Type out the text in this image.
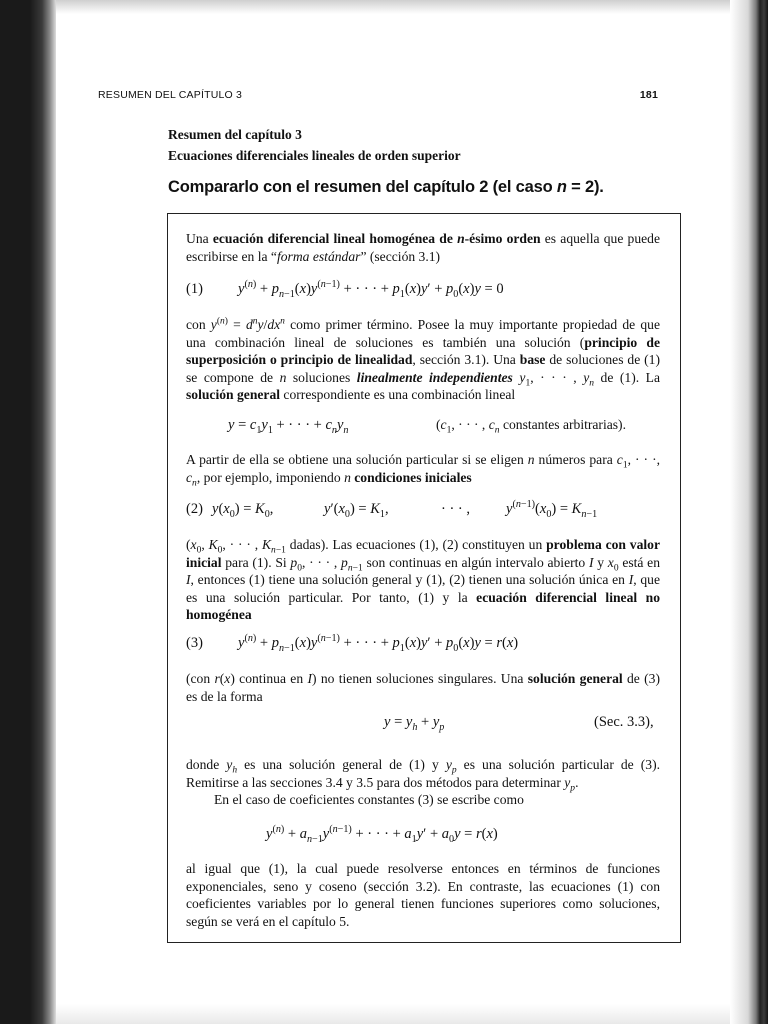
RESUMEN DEL CAPÍTULO 3	181
Resumen del capítulo 3
Ecuaciones diferenciales lineales de orden superior
Compararlo con el resumen del capítulo 2 (el caso n = 2).
Una ecuación diferencial lineal homogénea de n-ésimo orden es aquella que puede escribirse en la “forma estándar” (sección 3.1)
(1) $y^{(n)} + p_{n-1}(x)y^{(n-1)}$ + · · · + $p_1(x)y' + p_0(x)y = 0$
con $y^{(n)} = d^ny/dx^n$ como primer término. Posee la muy importante propiedad de que una combinación lineal de soluciones es también una solución (principio de superposición o principio de linealidad, sección 3.1). Una base de soluciones de (1) se compone de n soluciones linealmente independientes $y_1$, · · · , $y_n$ de (1). La solución general correspondiente es una combinación lineal
$y = c_1y_1$ + · · · + $c_ny_n$	($c_1$, · · · , $c_n$ constantes arbitrarias).
A partir de ella se obtiene una solución particular si se eligen n números para $c_1$, · · ·, $c_n$, por ejemplo, imponiendo n condiciones iniciales
(2) $y(x_0) = K_0$,	$y'(x_0) = K_1$,	· · · , $y^{(n-1)}(x_0) = K_{n-1}$
($x_0$, $K_0$, · · · , $K_{n-1}$ dadas). Las ecuaciones (1), (2) constituyen un problema con valor inicial para (1). Si $p_0$, · · · , $p_{n-1}$ son continuas en algún intervalo abierto I y $x_0$ está en I, entonces (1) tiene una solución general y (1), (2) tienen una solución única en I, que es una solución particular. Por tanto, (1) y la ecuación diferencial lineal no homogénea
(3) $y^{(n)} + p_{n-1}(x)y^{(n-1)}$ + · · · + $p_1(x)y' + p_0(x)y = r(x)$
(con r(x) continua en I) no tienen soluciones singulares. Una solución general de (3) es de la forma
$y = y_h + y_p$	(Sec. 3.3),
donde $y_h$ es una solución general de (1) y $y_p$ es una solución particular de (3). Remitirse a las secciones 3.4 y 3.5 para dos métodos para determinar $y_p$.
En el caso de coeficientes constantes (3) se escribe como
$y^{(n)} + a_{n-1}y^{(n-1)}$ + · · · + $a_1y' + a_0y = r(x)$
al igual que (1), la cual puede resolverse entonces en términos de funciones exponenciales, seno y coseno (sección 3.2). En contraste, las ecuaciones (1) con coeficientes variables por lo general tienen funciones superiores como soluciones, según se verá en el capítulo 5.
